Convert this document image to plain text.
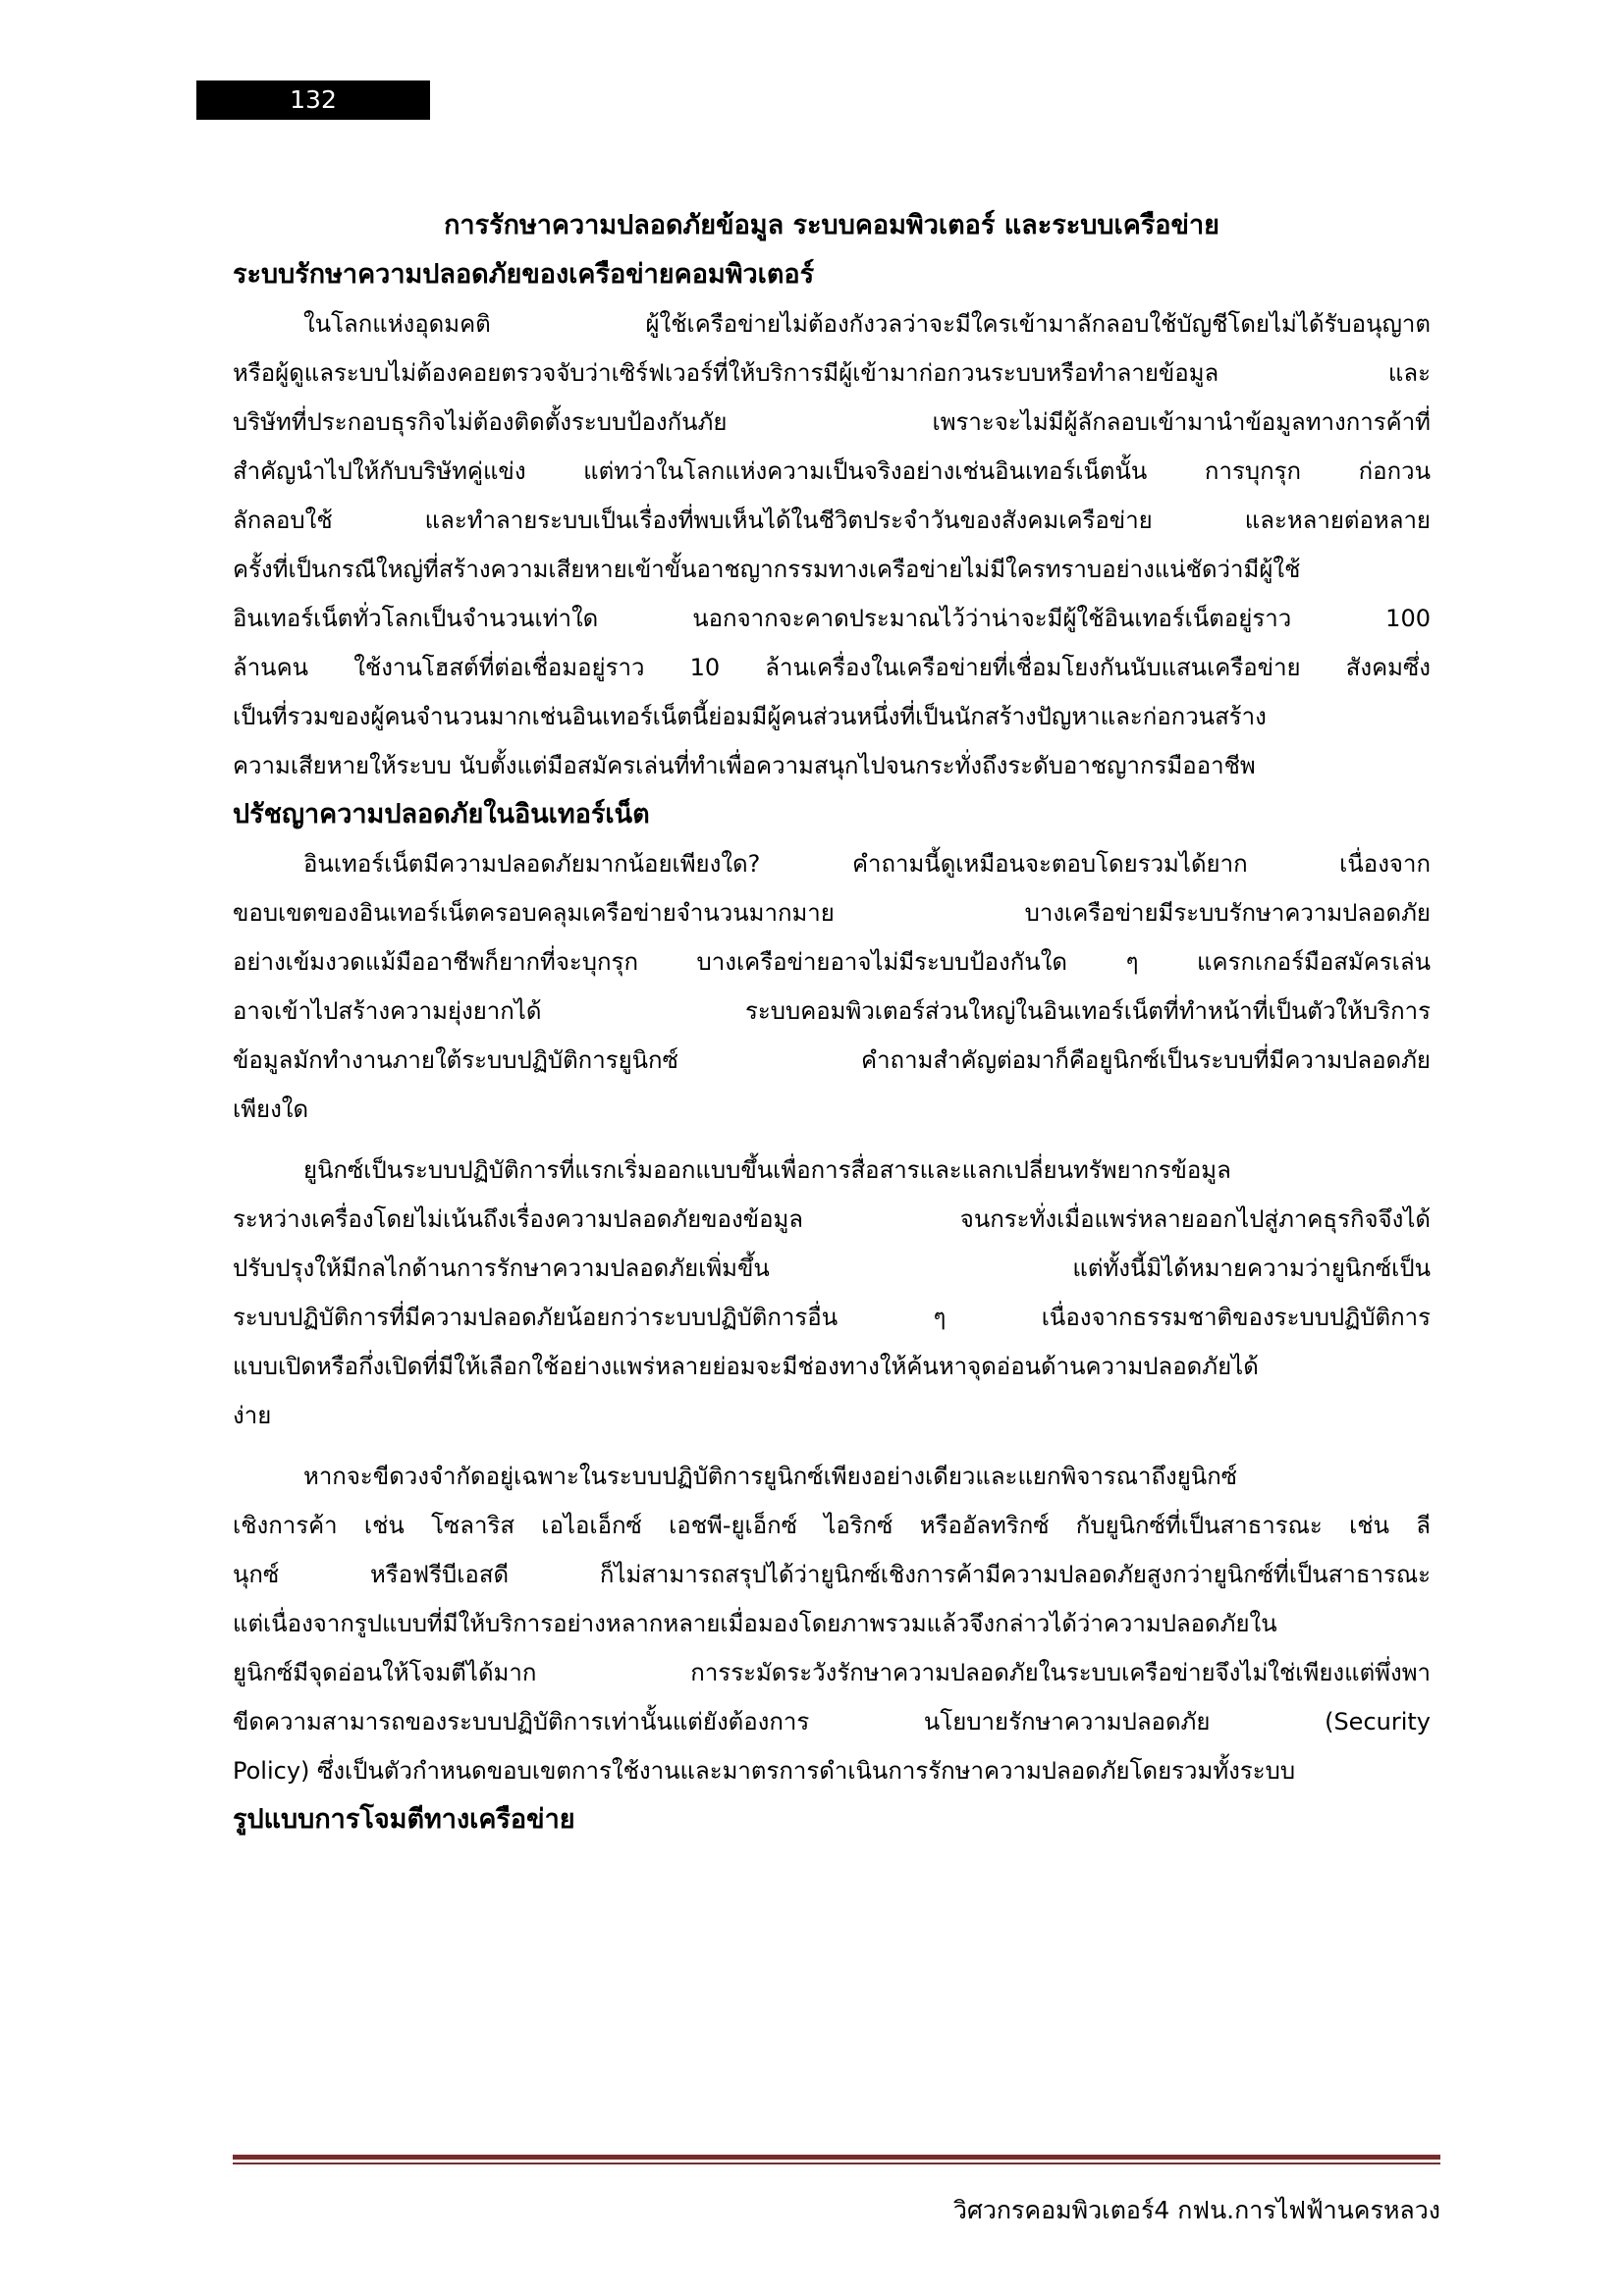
132
การรักษาความปลอดภัยข้อมูล ระบบคอมพิวเตอร์ และระบบเครือข่าย
ระบบรักษาความปลอดภัยของเครือข่ายคอมพิวเตอร์
ในโลกแห่งอุดมคติ ผู้ใช้เครือข่ายไม่ต้องกังวลว่าจะมีใครเข้ามาลักลอบใช้บัญชีโดยไม่ได้รับอนุญาต
หรือผู้ดูแลระบบไม่ต้องคอยตรวจจับว่าเซิร์ฟเวอร์ที่ให้บริการมีผู้เข้ามาก่อกวนระบบหรือทำลายข้อมูล และ
บริษัทที่ประกอบธุรกิจไม่ต้องติดตั้งระบบป้องกันภัย เพราะจะไม่มีผู้ลักลอบเข้ามานำข้อมูลทางการค้าที่
สำคัญนำไปให้กับบริษัทคู่แข่ง แต่ทว่าในโลกแห่งความเป็นจริงอย่างเช่นอินเทอร์เน็ตนั้น การบุกรุก ก่อกวน
ลักลอบใช้ และทำลายระบบเป็นเรื่องที่พบเห็นได้ในชีวิตประจำวันของสังคมเครือข่าย และหลายต่อหลาย
ครั้งที่เป็นกรณีใหญ่ที่สร้างความเสียหายเข้าขั้นอาชญากรรมทางเครือข่ายไม่มีใครทราบอย่างแน่ชัดว่ามีผู้ใช้
อินเทอร์เน็ตทั่วโลกเป็นจำนวนเท่าใด นอกจากจะคาดประมาณไว้ว่าน่าจะมีผู้ใช้อินเทอร์เน็ตอยู่ราว 100
ล้านคน ใช้งานโฮสต์ที่ต่อเชื่อมอยู่ราว 10 ล้านเครื่องในเครือข่ายที่เชื่อมโยงกันนับแสนเครือข่าย สังคมซึ่ง
เป็นที่รวมของผู้คนจำนวนมากเช่นอินเทอร์เน็ตนี้ย่อมมีผู้คนส่วนหนึ่งที่เป็นนักสร้างปัญหาและก่อกวนสร้าง
ความเสียหายให้ระบบ นับตั้งแต่มือสมัครเล่นที่ทำเพื่อความสนุกไปจนกระทั่งถึงระดับอาชญากรมืออาชีพ
ปรัชญาความปลอดภัยในอินเทอร์เน็ต
อินเทอร์เน็ตมีความปลอดภัยมากน้อยเพียงใด? คำถามนี้ดูเหมือนจะตอบโดยรวมได้ยาก เนื่องจาก
ขอบเขตของอินเทอร์เน็ตครอบคลุมเครือข่ายจำนวนมากมาย บางเครือข่ายมีระบบรักษาความปลอดภัย
อย่างเข้มงวดแม้มืออาชีพก็ยากที่จะบุกรุก บางเครือข่ายอาจไม่มีระบบป้องกันใด ๆ แครกเกอร์มือสมัครเล่น
อาจเข้าไปสร้างความยุ่งยากได้ ระบบคอมพิวเตอร์ส่วนใหญ่ในอินเทอร์เน็ตที่ทำหน้าที่เป็นตัวให้บริการ
ข้อมูลมักทำงานภายใต้ระบบปฏิบัติการยูนิกซ์ คำถามสำคัญต่อมาก็คือยูนิกซ์เป็นระบบที่มีความปลอดภัย
เพียงใด
ยูนิกซ์เป็นระบบปฏิบัติการที่แรกเริ่มออกแบบขึ้นเพื่อการสื่อสารและแลกเปลี่ยนทรัพยากรข้อมูล
ระหว่างเครื่องโดยไม่เน้นถึงเรื่องความปลอดภัยของข้อมูล จนกระทั่งเมื่อแพร่หลายออกไปสู่ภาคธุรกิจจึงได้
ปรับปรุงให้มีกลไกด้านการรักษาความปลอดภัยเพิ่มขึ้น แต่ทั้งนี้มิได้หมายความว่ายูนิกซ์เป็น
ระบบปฏิบัติการที่มีความปลอดภัยน้อยกว่าระบบปฏิบัติการอื่น ๆ เนื่องจากธรรมชาติของระบบปฏิบัติการ
แบบเปิดหรือกึ่งเปิดที่มีให้เลือกใช้อย่างแพร่หลายย่อมจะมีช่องทางให้ค้นหาจุดอ่อนด้านความปลอดภัยได้
ง่าย
หากจะขีดวงจำกัดอยู่เฉพาะในระบบปฏิบัติการยูนิกซ์เพียงอย่างเดียวและแยกพิจารณาถึงยูนิกซ์
เชิงการค้า เช่น โซลาริส เอไอเอ็กซ์ เอชพี-ยูเอ็กซ์ ไอริกซ์ หรืออัลทริกซ์ กับยูนิกซ์ที่เป็นสาธารณะ เช่น ลี
นุกซ์ หรือฟรีบีเอสดี ก็ไม่สามารถสรุปได้ว่ายูนิกซ์เชิงการค้ามีความปลอดภัยสูงกว่ายูนิกซ์ที่เป็นสาธารณะ
แต่เนื่องจากรูปแบบที่มีให้บริการอย่างหลากหลายเมื่อมองโดยภาพรวมแล้วจึงกล่าวได้ว่าความปลอดภัยใน
ยูนิกซ์มีจุดอ่อนให้โจมตีได้มาก การระมัดระวังรักษาความปลอดภัยในระบบเครือข่ายจึงไม่ใช่เพียงแต่พึ่งพา
ขีดความสามารถของระบบปฏิบัติการเท่านั้นแต่ยังต้องการ นโยบายรักษาความปลอดภัย (Security
Policy) ซึ่งเป็นตัวกำหนดขอบเขตการใช้งานและมาตรการดำเนินการรักษาความปลอดภัยโดยรวมทั้งระบบ
รูปแบบการโจมตีทางเครือข่าย
วิศวกรคอมพิวเตอร์4 กฟน.การไฟฟ้านครหลวง
